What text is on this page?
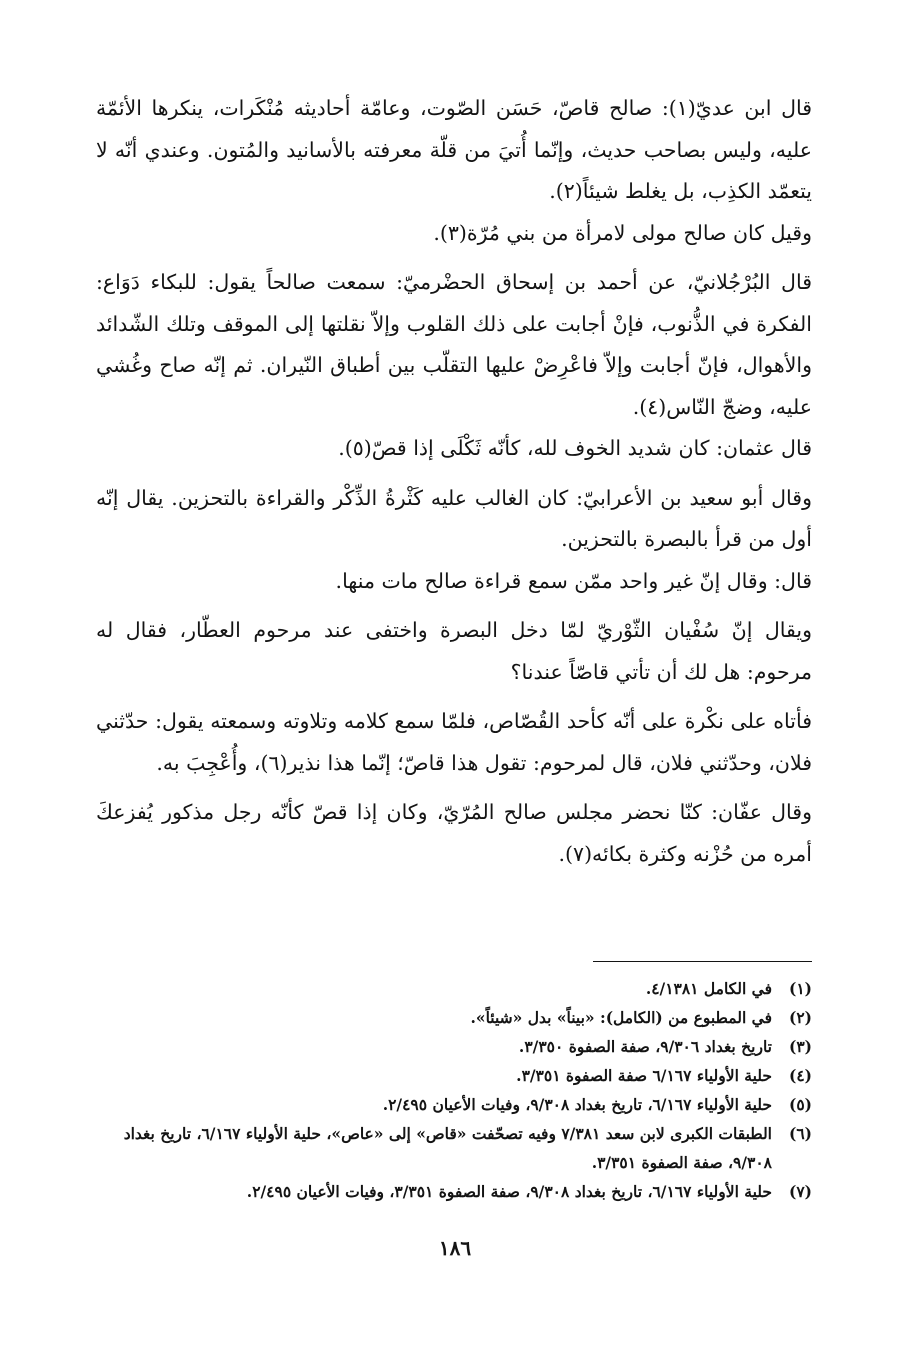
قال ابن عديّ(١): صالح قاصّ، حَسَن الصّوت، وعامّة أحاديثه مُنْكَرات، ينكرها الأئمّة عليه، وليس بصاحب حديث، وإنّما أُتيَ من قلّة معرفته بالأسانيد والمُتون. وعندي أنّه لا يتعمّد الكذِب، بل يغلط شيئاً(٢).

وقيل كان صالح مولى لامرأة من بني مُرّة(٣).

قال البُرْجُلانيّ، عن أحمد بن إسحاق الحضْرميّ: سمعت صالحاً يقول: للبكاء دَوَاع: الفكرة في الذُّنوب، فإنْ أجابت على ذلك القلوب وإلاّ نقلتها إلى الموقف وتلك الشّدائد والأهوال، فإنّ أجابت وإلاّ فاعْرِضْ عليها التقلّب بين أطباق النّيران. ثم إنّه صاح وغُشي عليه، وضجّ النّاس(٤).

قال عثمان: كان شديد الخوف لله، كأنّه ثَكْلَى إذا قصّ(٥).

وقال أبو سعيد بن الأعرابيّ: كان الغالب عليه كَثْرةُ الذِّكْر والقراءة بالتحزين. يقال إنّه أول من قرأ بالبصرة بالتحزين.

قال: وقال إنّ غير واحد ممّن سمع قراءة صالح مات منها.

ويقال إنّ سُفْيان الثّوْريّ لمّا دخل البصرة واختفى عند مرحوم العطّار، فقال له مرحوم: هل لك أن تأتي قاصّاً عندنا؟

فأتاه على نكْرة على أنّه كأحد القُصّاص، فلمّا سمع كلامه وتلاوته وسمعته يقول: حدّثني فلان، وحدّثني فلان، قال لمرحوم: تقول هذا قاصّ؛ إنّما هذا نذير(٦)، وأُعْجِبَ به.

وقال عفّان: كنّا نحضر مجلس صالح المُرّيّ، وكان إذا قصّ كأنّه رجل مذكور يُفزعكَ أمره من حُزْنه وكثرة بكائه(٧).

(١)
في الكامل ٤/١٣٨١.
(٢)
في المطبوع من (الكامل): «بيناً» بدل «شيئاً».
(٣)
تاريخ بغداد ٩/٣٠٦، صفة الصفوة ٣/٣٥٠.
(٤)
حلية الأولياء ٦/١٦٧ صفة الصفوة ٣/٣٥١.
(٥)
حلية الأولياء ٦/١٦٧، تاريخ بغداد ٩/٣٠٨، وفيات الأعيان ٢/٤٩٥.
(٦)
الطبقات الكبرى لابن سعد ٧/٣٨١ وفيه تصحّفت «قاص» إلى «عاص»، حلية الأولياء ٦/١٦٧، تاريخ بغداد ٩/٣٠٨، صفة الصفوة ٣/٣٥١.
(٧)
حلية الأولياء ٦/١٦٧، تاريخ بغداد ٩/٣٠٨، صفة الصفوة ٣/٣٥١، وفيات الأعيان ٢/٤٩٥.
١٨٦
